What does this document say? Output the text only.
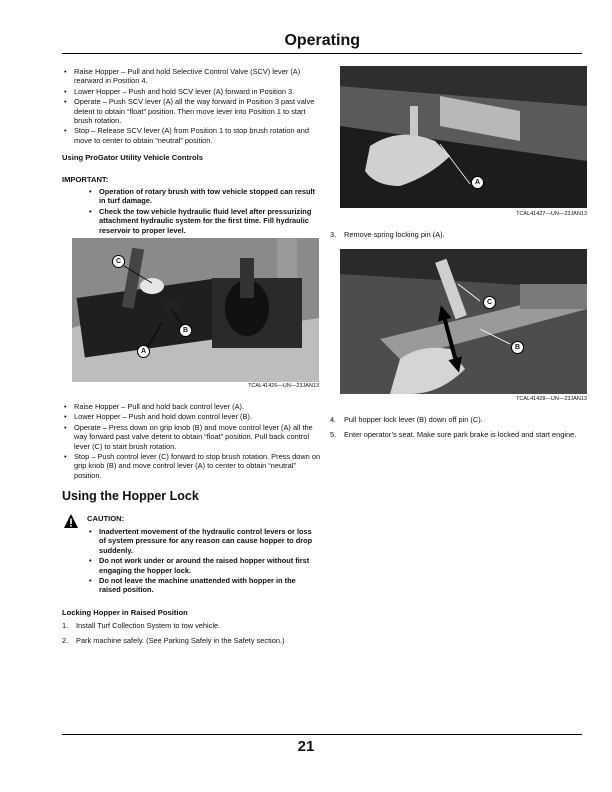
Operating
• Raise Hopper – Pull and hold Selective Control Valve (SCV) lever (A) rearward in Position 4.
• Lower Hopper – Push and hold SCV lever (A) forward in Position 3.
• Operate – Push SCV lever (A) all the way forward in Position 3 past valve detent to obtain “float” position. Then move lever into Position 1 to start brush rotation.
• Stop – Release SCV lever (A) from Position 1 to stop brush rotation and move to center to obtain “neutral” position.
Using ProGator Utility Vehicle Controls
IMPORTANT:
• Operation of rotary brush with tow vehicle stopped can result in turf damage.
• Check the tow vehicle hydraulic fluid level after pressurizing attachment hydraulic system for the first time. Fill hydraulic reservoir to proper level.
C
B
A
TCAL41426—UN—23JAN13
• Raise Hopper – Pull and hold back control lever (A).
• Lower Hopper – Push and hold down control lever (B).
• Operate – Press down on grip knob (B) and move control lever (A) all the way forward past valve detent to obtain “float” position. Pull back control lever (C) to start brush rotation.
• Stop – Push control lever (C) forward to stop brush rotation. Press down on grip knob (B) and move control lever (A) to center to obtain “neutral” position.
Using the Hopper Lock
CAUTION:
• Inadvertent movement of the hydraulic control levers or loss of system pressure for any reason can cause hopper to drop suddenly.
• Do not work under or around the raised hopper without first engaging the hopper lock.
• Do not leave the machine unattended with hopper in the raised position.
Locking Hopper in Raised Position
1. Install Turf Collection System to tow vehicle.
2. Park machine safely. (See Parking Safely in the Safety section.)
A
TCAL41427—UN—23JAN13
3. Remove spring locking pin (A).
C
B
TCAL41428—UN—23JAN13
4. Pull hopper lock lever (B) down off pin (C).
5. Enter operator’s seat. Make sure park brake is locked and start engine.
21
